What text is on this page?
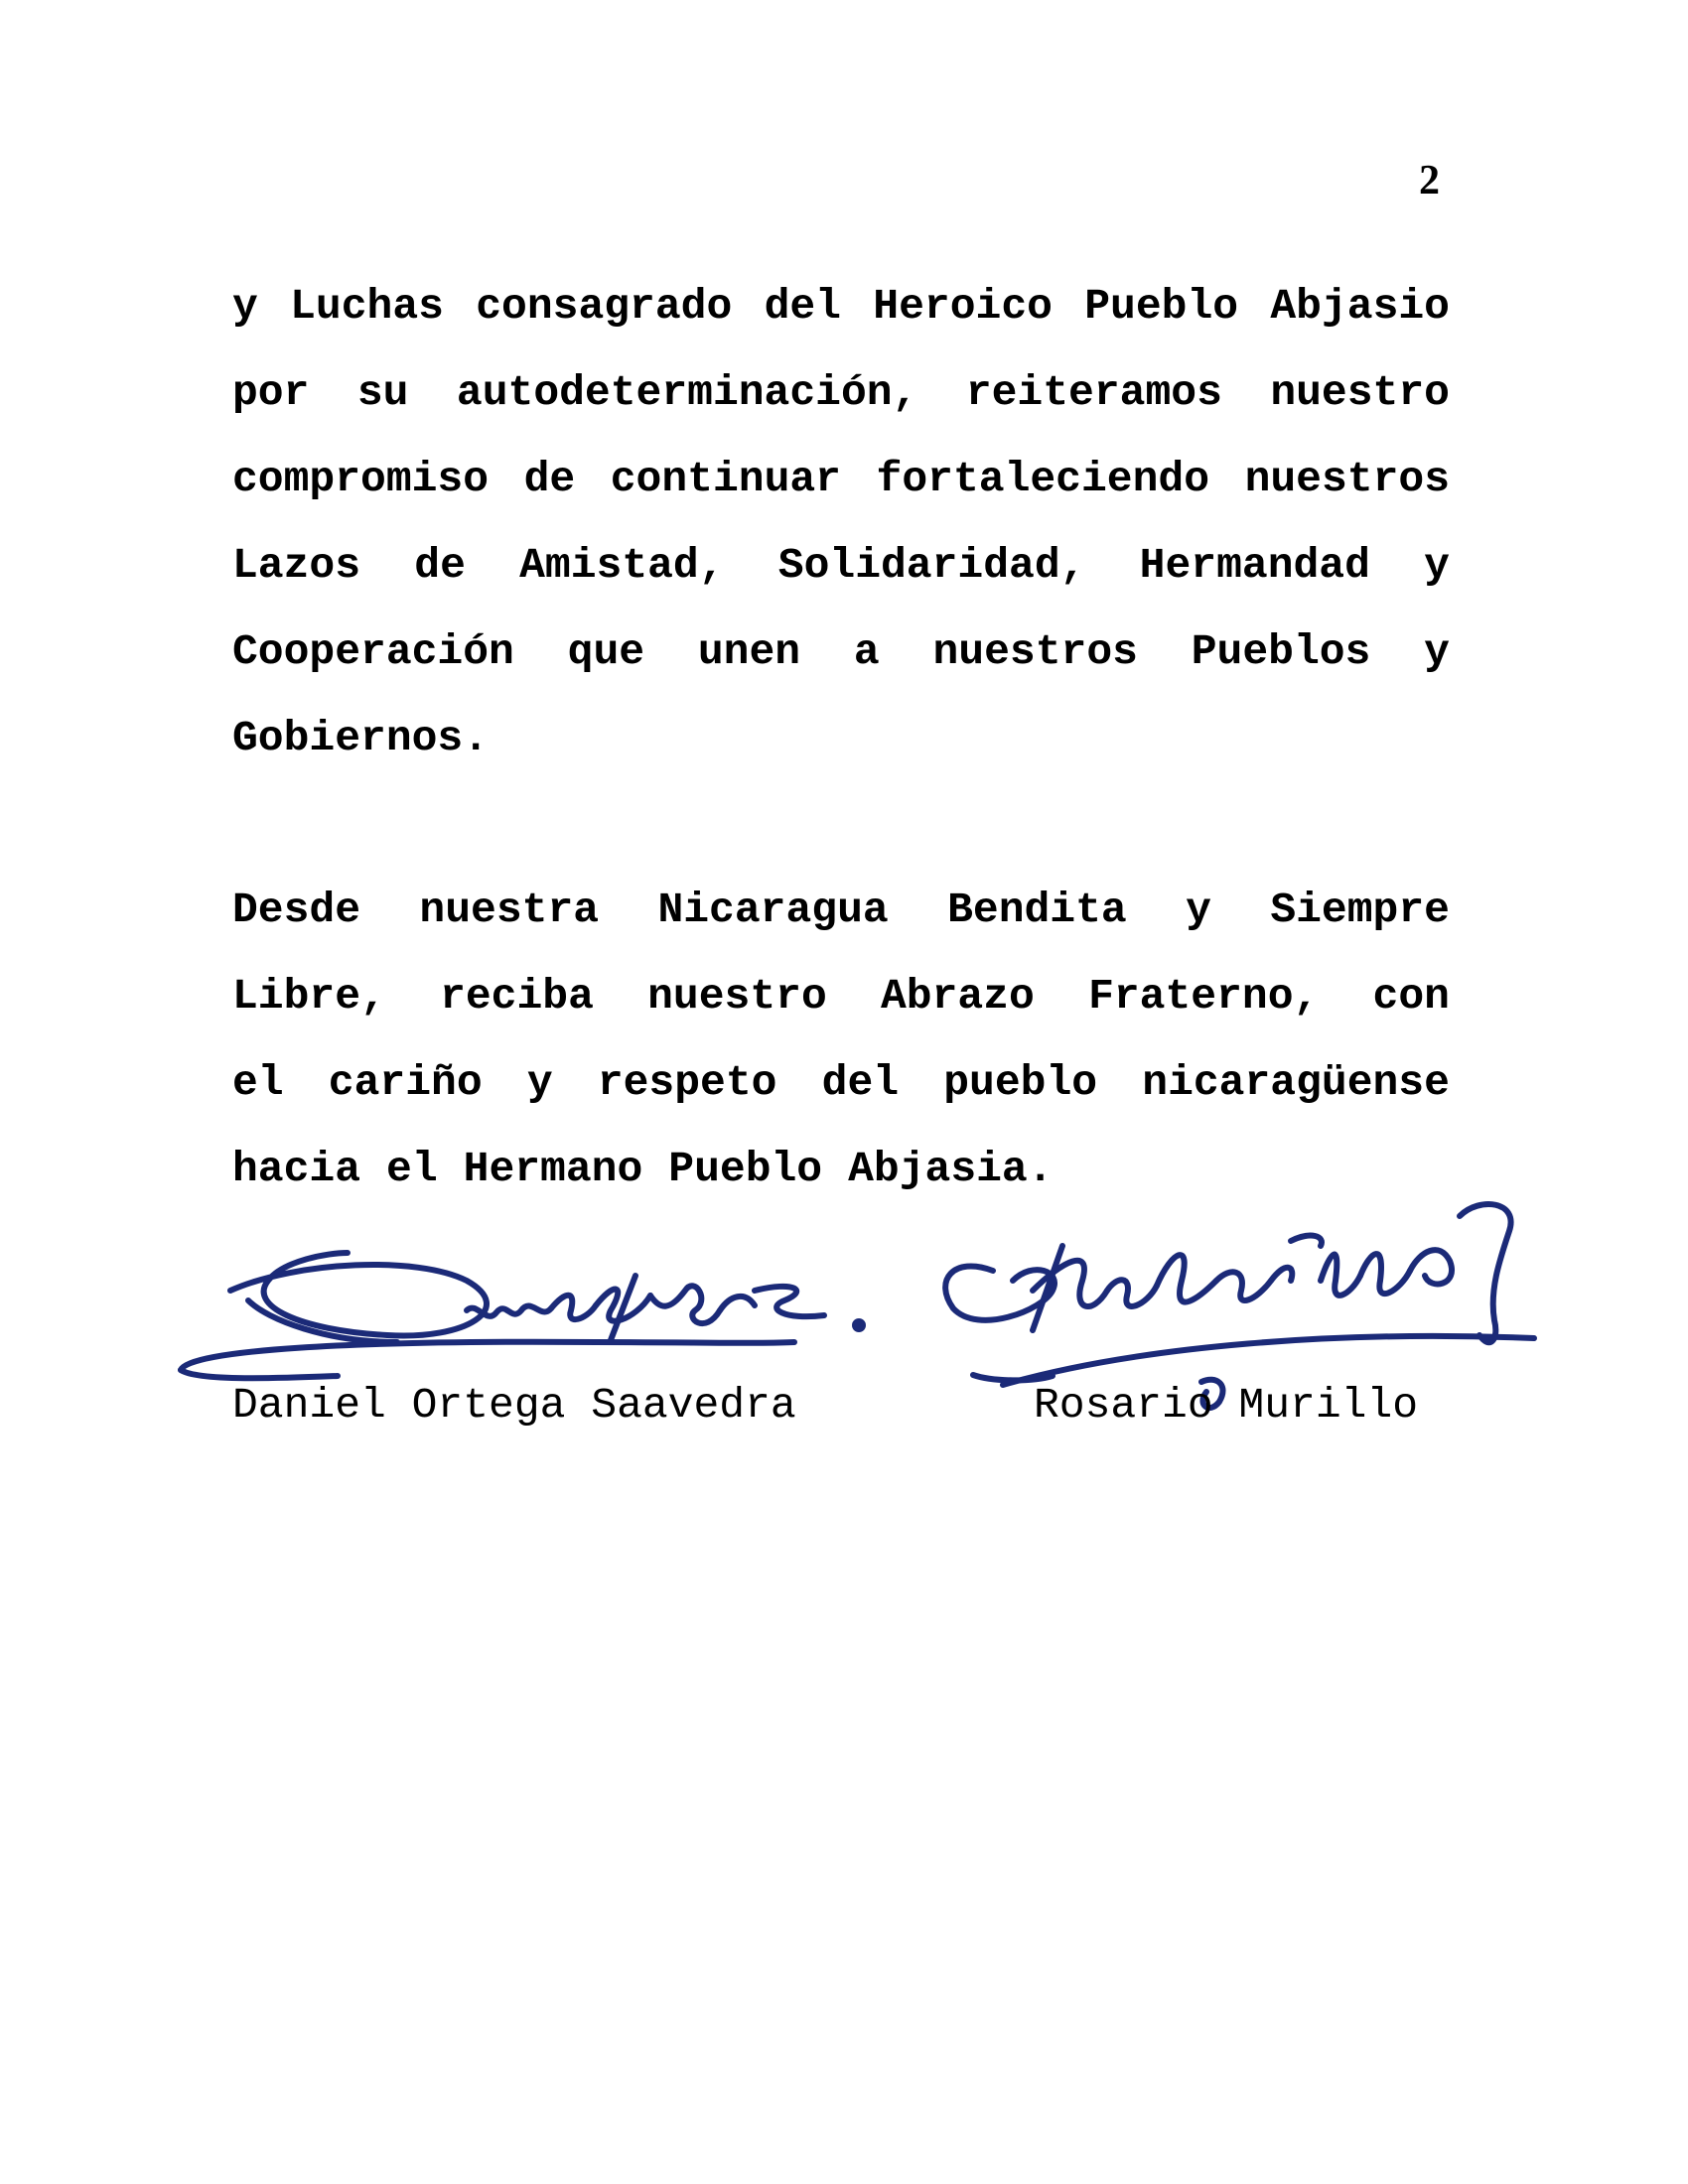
2
y Luchas consagrado del Heroico Pueblo Abjasio
por su autodeterminación, reiteramos nuestro
compromiso de continuar fortaleciendo nuestros
Lazos de Amistad, Solidaridad, Hermandad y
Cooperación que unen a nuestros Pueblos y
Gobiernos.
Desde nuestra Nicaragua Bendita y Siempre
Libre, reciba nuestro Abrazo Fraterno, con
el cariño y respeto del pueblo nicaragüense
hacia el Hermano Pueblo Abjasia.
Daniel Ortega Saavedra	Rosario Murillo
